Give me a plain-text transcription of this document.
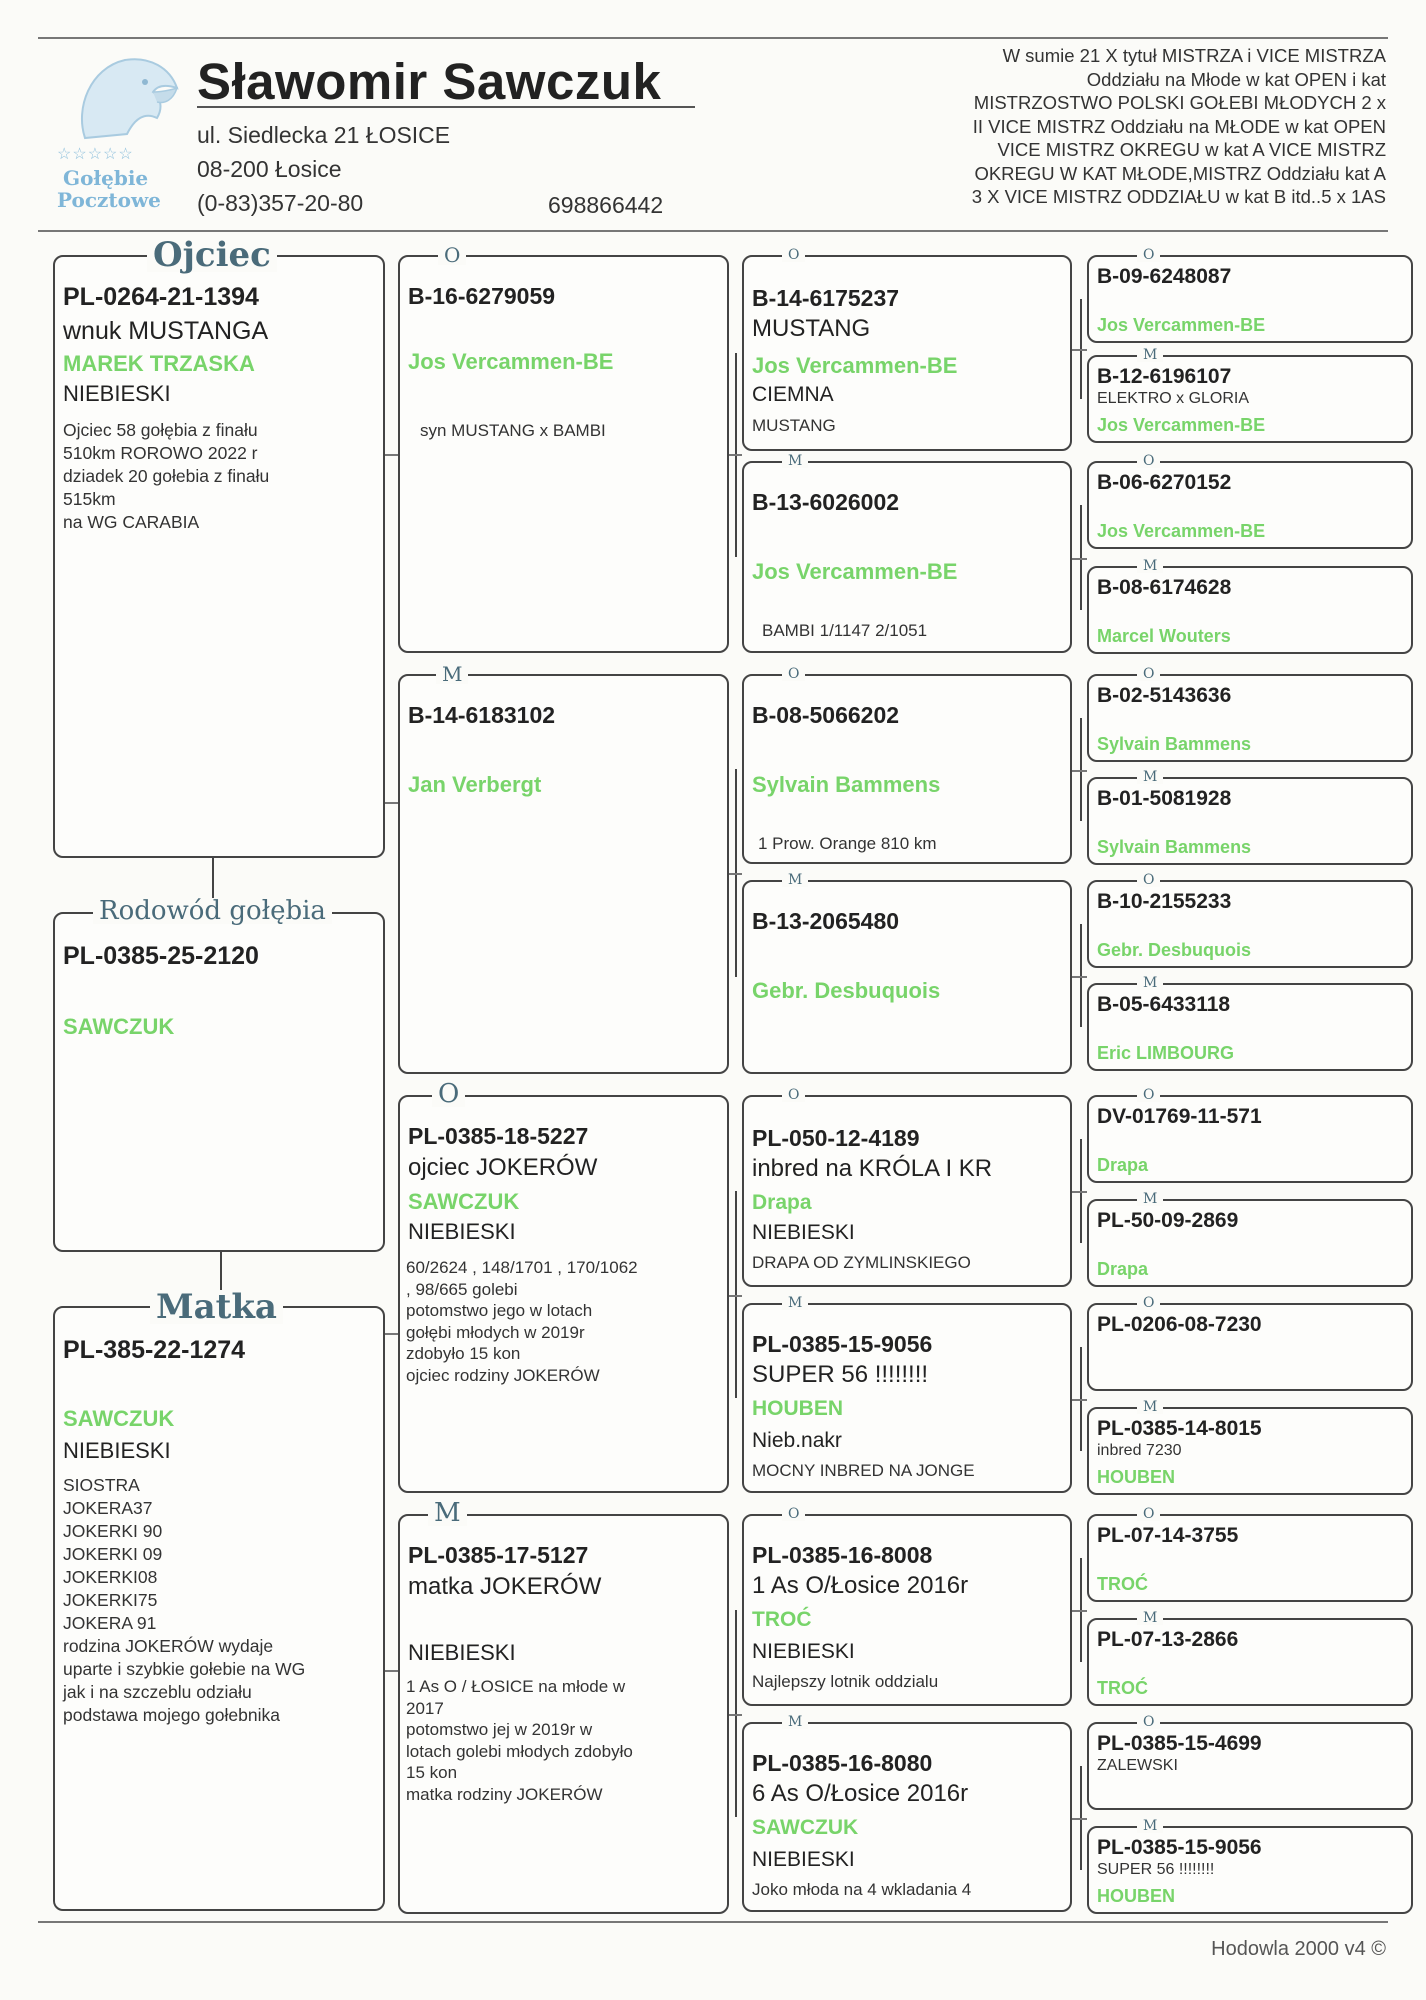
☆☆☆☆☆
Gołębie
Pocztowe
Sławomir Sawczuk
ul. Siedlecka 21 ŁOSICE
08-200 Łosice
(0-83)357-20-80	698866442
W sumie 21 X tytuł MISTRZA i VICE MISTRZA
Oddziału na Młode w kat OPEN i kat
MISTRZOSTWO POLSKI GOŁEBI MŁODYCH 2 x
II VICE MISTRZ Oddziału na MŁODE w kat OPEN
VICE MISTRZ OKREGU w kat A VICE MISTRZ
OKREGU W KAT MŁODE,MISTRZ Oddziału kat A
3 X VICE MISTRZ ODDZIAŁU w kat B itd..5 x 1AS
PL-0264-21-1394
wnuk MUSTANGA
MAREK TRZASKA
NIEBIESKI
Ojciec 58 gołębia z finału
510km ROROWO 2022 r
dziadek 20 gołebia z finału
515km
na WG CARABIA
Ojciec
PL-0385-25-2120
SAWCZUK
Rodowód gołębia
PL-385-22-1274
SAWCZUK
NIEBIESKI
SIOSTRA
JOKERA37
JOKERKI 90
JOKERKI 09
JOKERKI08
JOKERKI75
JOKERA 91
rodzina JOKERÓW wydaje
uparte i szybkie gołebie na WG
jak i na szczeblu odziału
podstawa mojego gołebnika
Matka
B-16-6279059
Jos Vercammen-BE
syn MUSTANG x BAMBI
O
B-14-6183102
Jan Verbergt
M
PL-0385-18-5227
ojciec JOKERÓW
SAWCZUK
NIEBIESKI
60/2624 , 148/1701 , 170/1062
, 98/665 golebi
potomstwo jego w lotach
gołębi młodych w 2019r
zdobyło 15 kon
ojciec rodziny JOKERÓW
O
PL-0385-17-5127
matka JOKERÓW
NIEBIESKI
1 As O / ŁOSICE na młode w
2017
potomstwo jej w 2019r w
lotach golebi młodych zdobyło
15 kon
matka rodziny JOKERÓW
M
B-14-6175237
MUSTANG
Jos Vercammen-BE
CIEMNA
MUSTANG
O
B-13-6026002
Jos Vercammen-BE
BAMBI 1/1147 2/1051
M
B-08-5066202
Sylvain Bammens
1 Prow. Orange 810 km
O
B-13-2065480
Gebr. Desbuquois
M
PL-050-12-4189
inbred na KRÓLA I KR
Drapa
NIEBIESKI
DRAPA OD ZYMLINSKIEGO
O
PL-0385-15-9056
SUPER 56 !!!!!!!!
HOUBEN
Nieb.nakr
MOCNY INBRED NA JONGE
M
PL-0385-16-8008
1 As O/Łosice 2016r
TROĆ
NIEBIESKI
Najlepszy lotnik oddzialu
O
PL-0385-16-8080
6 As O/Łosice 2016r
SAWCZUK
NIEBIESKI
Joko młoda na 4 wkladania 4
M
B-09-6248087
Jos Vercammen-BE
O
B-12-6196107
ELEKTRO x GLORIA
Jos Vercammen-BE
M
B-06-6270152
Jos Vercammen-BE
O
B-08-6174628
Marcel Wouters
M
B-02-5143636
Sylvain Bammens
O
B-01-5081928
Sylvain Bammens
M
B-10-2155233
Gebr. Desbuquois
O
B-05-6433118
Eric LIMBOURG
M
DV-01769-11-571
Drapa
O
PL-50-09-2869
Drapa
M
PL-0206-08-7230
O
PL-0385-14-8015
inbred 7230
HOUBEN
M
PL-07-14-3755
TROĆ
O
PL-07-13-2866
TROĆ
M
PL-0385-15-4699
ZALEWSKI
O
PL-0385-15-9056
SUPER 56 !!!!!!!!
HOUBEN
M
Hodowla 2000 v4 ©
